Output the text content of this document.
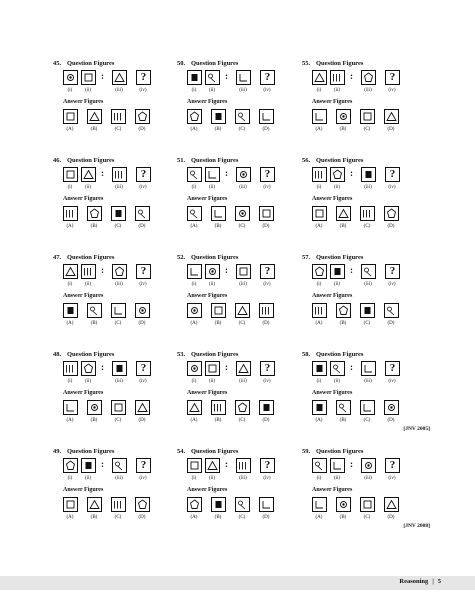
45. Question Figures
?
:
(i)	(ii)	(iii)	(iv)
Answer Figures
(A)	(B)	(C)	(D)
46. Question Figures
?
:
(i)	(ii)	(iii)	(iv)
Answer Figures
(A)	(B)	(C)	(D)
47. Question Figures
?
:
(i)	(ii)	(iii)	(iv)
Answer Figures
(A)	(B)	(C)	(D)
48. Question Figures
?
:
(i)	(ii)	(iii)	(iv)
Answer Figures
(A)	(B)	(C)	(D)
49. Question Figures
?
:
(i)	(ii)	(iii)	(iv)
Answer Figures
(A)	(B)	(C)	(D)
50. Question Figures
?
:
(i)	(ii)	(iii)	(iv)
Answer Figures
(A)	(B)	(C)	(D)
51. Question Figures
?
:
(i)	(ii)	(iii)	(iv)
Answer Figures
(A)	(B)	(C)	(D)
52. Question Figures
?
:
(i)	(ii)	(iii)	(iv)
Answer Figures
(A)	(B)	(C)	(D)
53. Question Figures
?
:
(i)	(ii)	(iii)	(iv)
Answer Figures
(A)	(B)	(C)	(D)
54. Question Figures
?
:
(i)	(ii)	(iii)	(iv)
Answer Figures
(A)	(B)	(C)	(D)
55. Question Figures
?
:
(i)	(ii)	(iii)	(iv)
Answer Figures
(A)	(B)	(C)	(D)
56. Question Figures
?
:
(i)	(ii)	(iii)	(iv)
Answer Figures
(A)	(B)	(C)	(D)
57. Question Figures
?
:
(i)	(ii)	(iii)	(iv)
Answer Figures
(A)	(B)	(C)	(D)
58. Question Figures
?
:
(i)	(ii)	(iii)	(iv)
Answer Figures
(A)	(B)	(C)	(D)
[JNV 2005]
59. Question Figures
?
:
(i)	(ii)	(iii)	(iv)
Answer Figures
(A)	(B)	(C)	(D)
[JNV 2008]
Reasoning | 5
